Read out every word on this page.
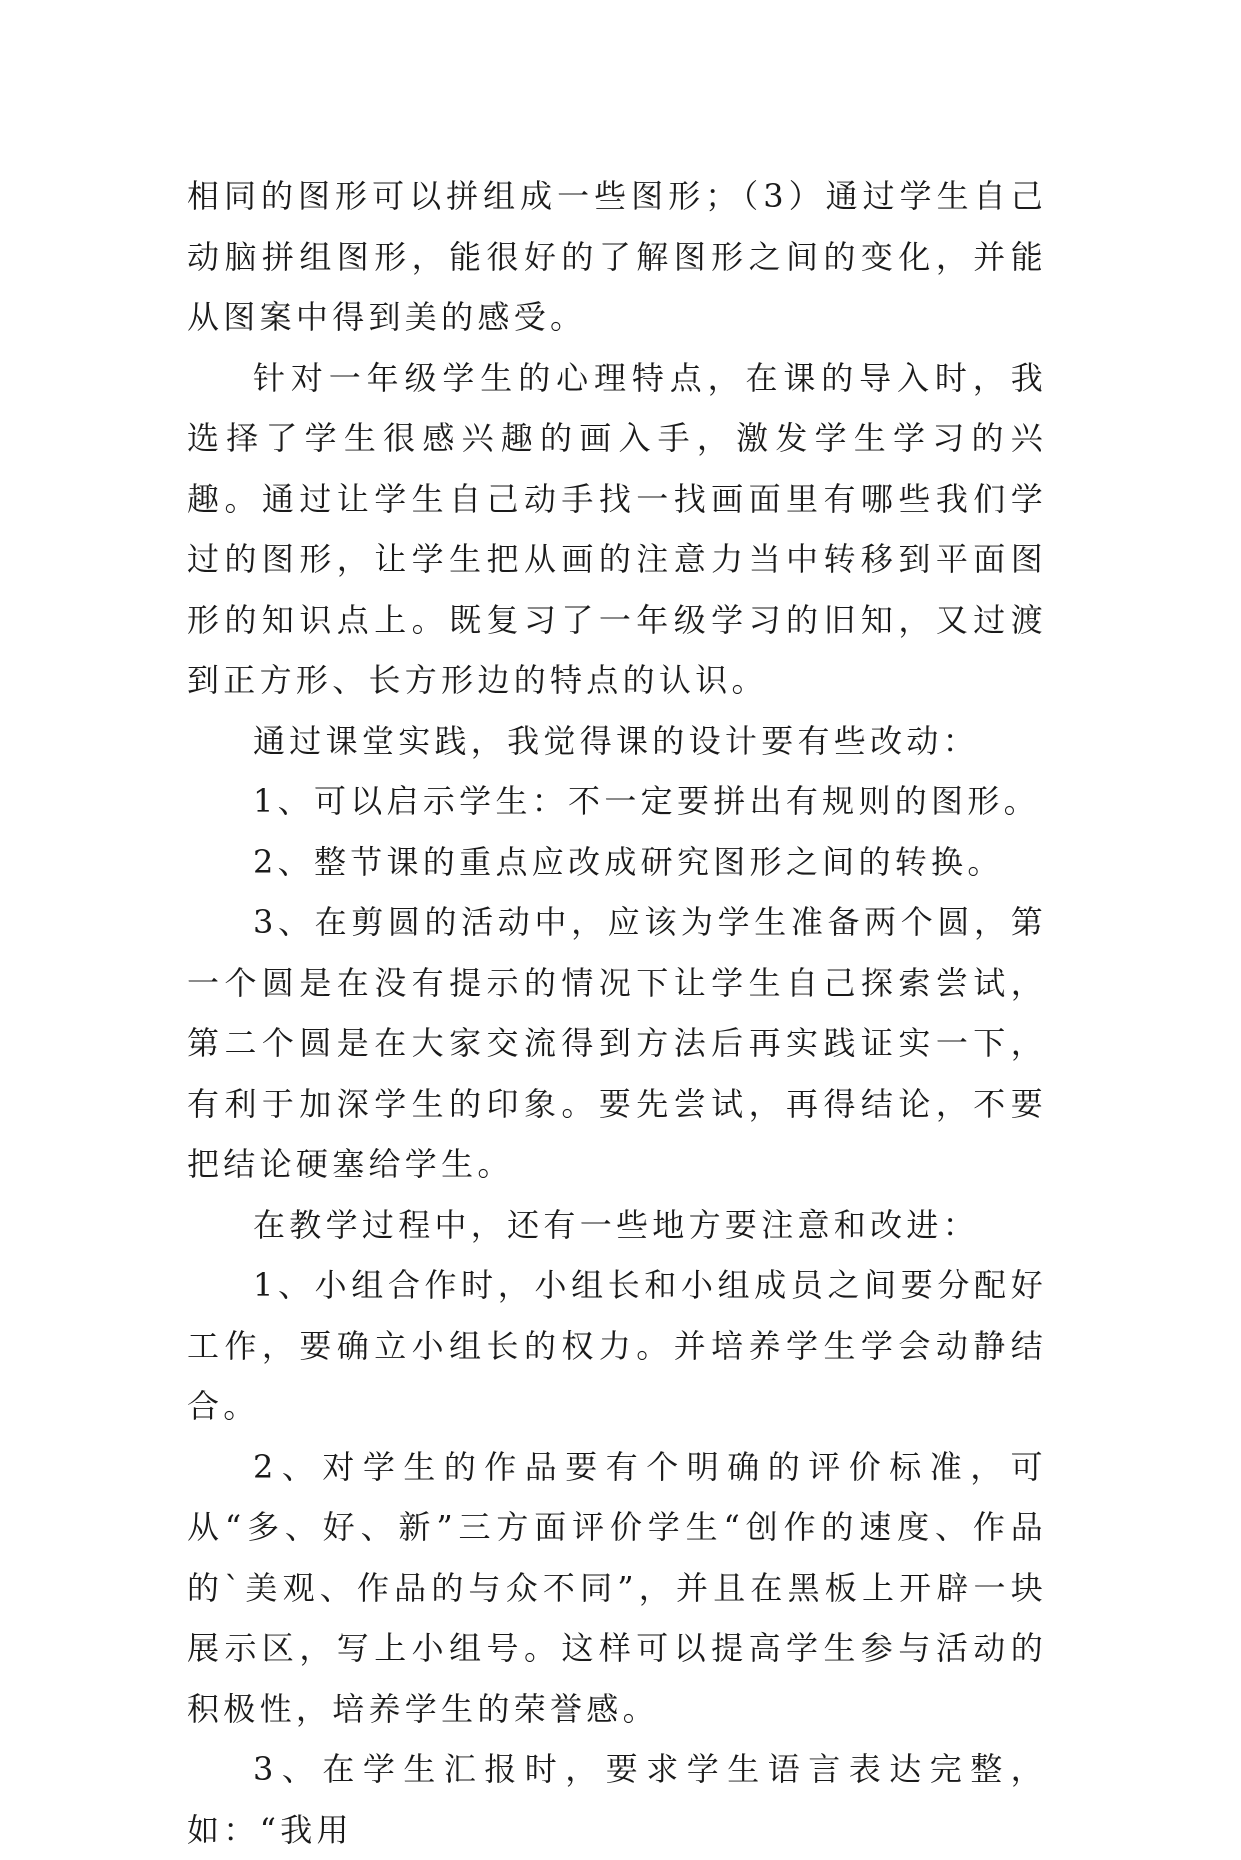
相同的图形可以拼组成一些图形；（3）通过学生自己动脑拼组图形，能很好的了解图形之间的变化，并能从图案中得到美的感受。

针对一年级学生的心理特点，在课的导入时，我选择了学生很感兴趣的画入手，激发学生学习的兴趣。通过让学生自己动手找一找画面里有哪些我们学过的图形，让学生把从画的注意力当中转移到平面图形的知识点上。既复习了一年级学习的旧知，又过渡到正方形、长方形边的特点的认识。

通过课堂实践，我觉得课的设计要有些改动：

1、可以启示学生：不一定要拼出有规则的图形。

2、整节课的重点应改成研究图形之间的转换。

3、在剪圆的活动中，应该为学生准备两个圆，第一个圆是在没有提示的情况下让学生自己探索尝试，第二个圆是在大家交流得到方法后再实践证实一下，有利于加深学生的印象。要先尝试，再得结论，不要把结论硬塞给学生。

在教学过程中，还有一些地方要注意和改进：

1、小组合作时，小组长和小组成员之间要分配好工作，要确立小组长的权力。并培养学生学会动静结合。

2、对学生的作品要有个明确的评价标准，可从“多、好、新”三方面评价学生“创作的速度、作品的`美观、作品的与众不同”，并且在黑板上开辟一块展示区，写上小组号。这样可以提高学生参与活动的积极性，培养学生的荣誉感。

3、在学生汇报时，要求学生语言表达完整，如：“我用
